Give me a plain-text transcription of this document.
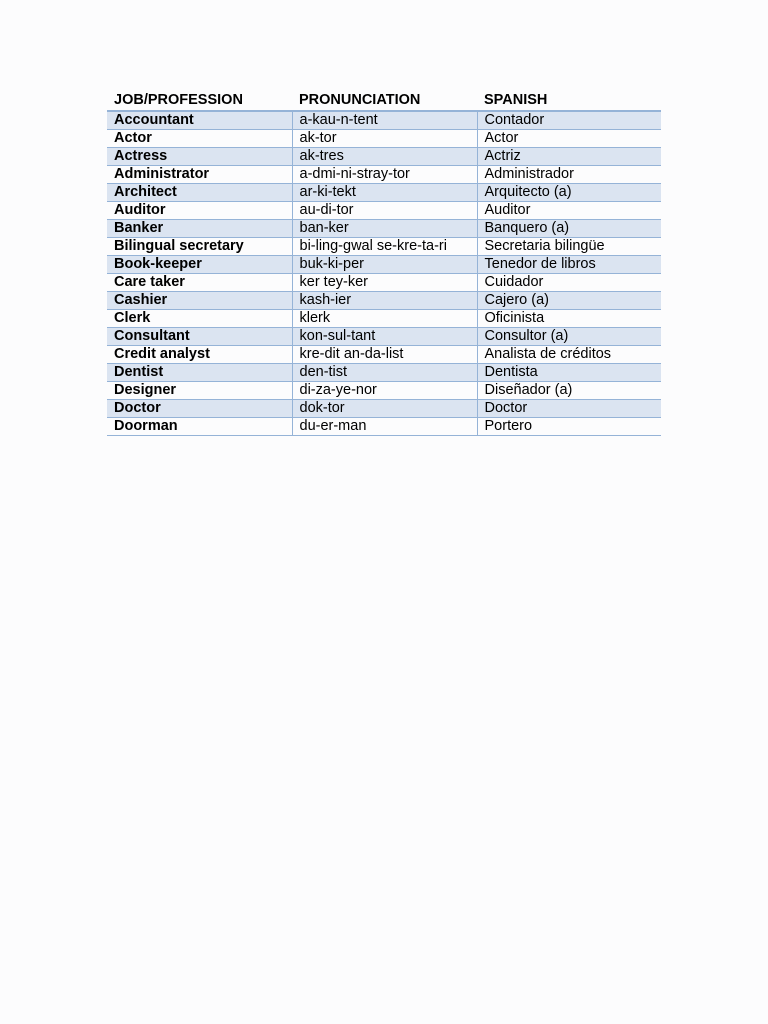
JOB/PROFESSION	PRONUNCIATION	SPANISH
Accountant	a-kau-n-tent	Contador
Actor	ak-tor	Actor
Actress	ak-tres	Actriz
Administrator	a-dmi-ni-stray-tor	Administrador
Architect	ar-ki-tekt	Arquitecto (a)
Auditor	au-di-tor	Auditor
Banker	ban-ker	Banquero (a)
Bilingual secretary	bi-ling-gwal se-kre-ta-ri	Secretaria bilingüe
Book-keeper	buk-ki-per	Tenedor de libros
Care taker	ker tey-ker	Cuidador
Cashier	kash-ier	Cajero (a)
Clerk	klerk	Oficinista
Consultant	kon-sul-tant	Consultor (a)
Credit analyst	kre-dit an-da-list	Analista de créditos
Dentist	den-tist	Dentista
Designer	di-za-ye-nor	Diseñador (a)
Doctor	dok-tor	Doctor
Doorman	du-er-man	Portero
